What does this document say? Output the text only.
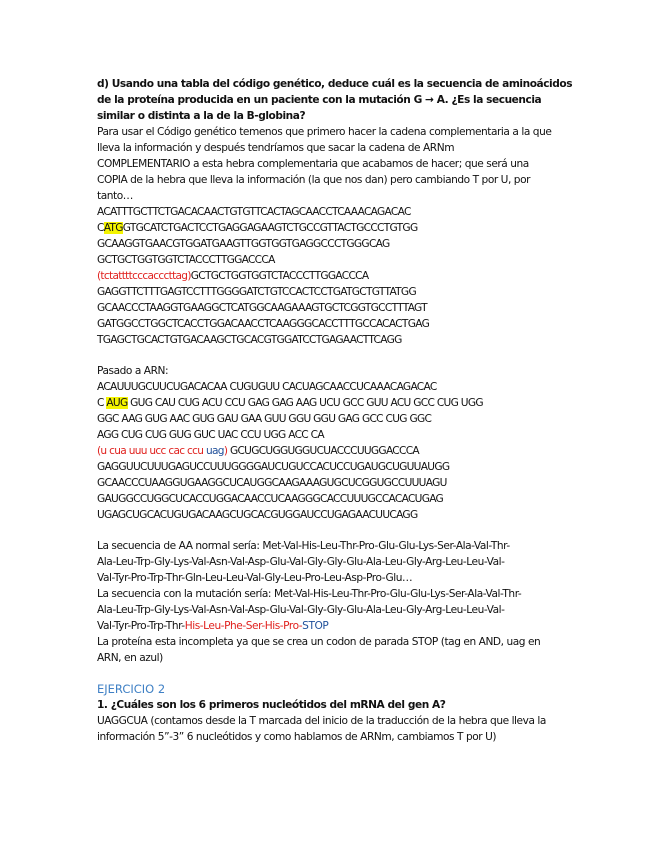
d) Usando una tabla del código genético, deduce cuál es la secuencia de aminoácidos
de la proteína producida en un paciente con la mutación G → A. ¿Es la secuencia
similar o distinta a la de la B-globina?
Para usar el Código genético temenos que primero hacer la cadena complementaria a la que
lleva la información y después tendríamos que sacar la cadena de ARNm
COMPLEMENTARIO a esta hebra complementaria que acabamos de hacer; que será una
COPIA de la hebra que lleva la información (la que nos dan) pero cambiando T por U, por
tanto…
ACATTTGCTTCTGACACAACTGTGTTCACTAGCAACCTCAAACAGACAC
CATGGTGCATCTGACTCCTGAGGAGAAGTCTGCCGTTACTGCCCTGTGG
GCAAGGTGAACGTGGATGAAGTTGGTGGTGAGGCCCTGGGCAG
GCTGCTGGTGGTCTACCCTTGGACCCA
(tctattttcccacccttag)GCTGCTGGTGGTCTACCCTTGGACCCA
GAGGTTCTTTGAGTCCTTTGGGGATCTGTCCACTCCTGATGCTGTTATGG
GCAACCCTAAGGTGAAGGCTCATGGCAAGAAAGTGCTCGGTGCCTTTAGT
GATGGCCTGGCTCACCTGGACAACCTCAAGGGCACCTTTGCCACACTGAG
TGAGCTGCACTGTGACAAGCTGCACGTGGATCCTGAGAACTTCAGG
Pasado a ARN:
ACAUUUGCUUCUGACACAA CUGUGUU CACUAGCAACCUCAAACAGACAC
C AUG GUG CAU CUG ACU CCU GAG GAG AAG UCU GCC GUU ACU GCC CUG UGG
GGC AAG GUG AAC GUG GAU GAA GUU GGU GGU GAG GCC CUG GGC
AGG CUG CUG GUG GUC UAC CCU UGG ACC CA
(u cua uuu ucc cac ccu uag) GCUGCUGGUGGUCUACCCUUGGACCCA
GAGGUUCUUUGAGUCCUUUGGGGAUCUGUCCACUCCUGAUGCUGUUAUGG
GCAACCCUAAGGUGAAGGCUCAUGGCAAGAAAGUGCUCGGUGCCUUUAGU
GAUGGCCUGGCUCACCUGGACAACCUCAAGGGCACCUUUGCCACACUGAG
UGAGCUGCACUGUGACAAGCUGCACGUGGAUCCUGAGAACUUCAGG
La secuencia de AA normal sería: Met-Val-His-Leu-Thr-Pro-Glu-Glu-Lys-Ser-Ala-Val-Thr-
Ala-Leu-Trp-Gly-Lys-Val-Asn-Val-Asp-Glu-Val-Gly-Gly-Glu-Ala-Leu-Gly-Arg-Leu-Leu-Val-
Val-Tyr-Pro-Trp-Thr-Gln-Leu-Leu-Val-Gly-Leu-Pro-Leu-Asp-Pro-Glu…
La secuencia con la mutación sería: Met-Val-His-Leu-Thr-Pro-Glu-Glu-Lys-Ser-Ala-Val-Thr-
Ala-Leu-Trp-Gly-Lys-Val-Asn-Val-Asp-Glu-Val-Gly-Gly-Glu-Ala-Leu-Gly-Arg-Leu-Leu-Val-
Val-Tyr-Pro-Trp-Thr-His-Leu-Phe-Ser-His-Pro-STOP
La proteína esta incompleta ya que se crea un codon de parada STOP (tag en AND, uag en
ARN, en azul)
EJERCICIO 2
1. ¿Cuáles son los 6 primeros nucleótidos del mRNA del gen A?
UAGGCUA (contamos desde la T marcada del inicio de la traducción de la hebra que lleva la
información 5”-3” 6 nucleótidos y como hablamos de ARNm, cambiamos T por U)
